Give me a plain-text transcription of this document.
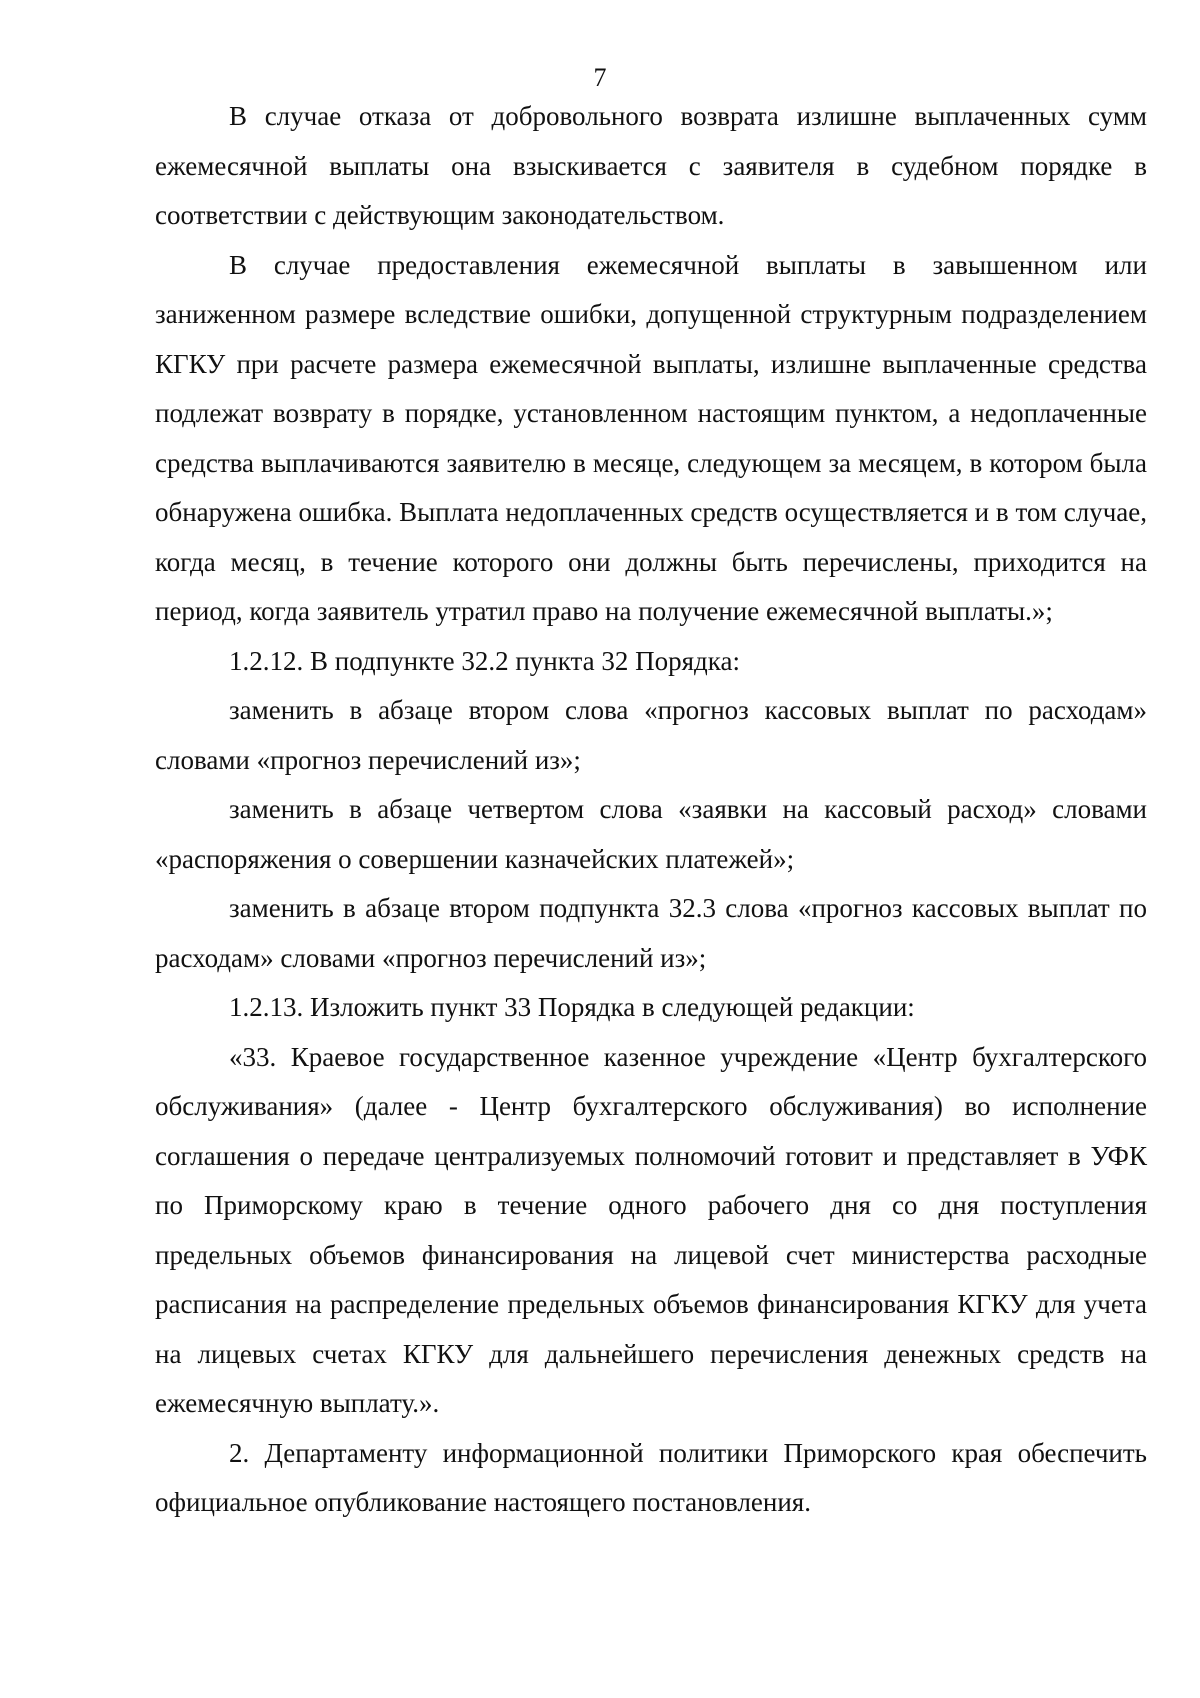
7

В случае отказа от добровольного возврата излишне выплаченных сумм ежемесячной выплаты она взыскивается с заявителя в судебном порядке в соответствии с действующим законодательством.

В случае предоставления ежемесячной выплаты в завышенном или заниженном размере вследствие ошибки, допущенной структурным подразделением КГКУ при расчете размера ежемесячной выплаты, излишне выплаченные средства подлежат возврату в порядке, установленном настоящим пунктом, а недоплаченные средства выплачиваются заявителю в месяце, следующем за месяцем, в котором была обнаружена ошибка. Выплата недоплаченных средств осуществляется и в том случае, когда месяц, в течение которого они должны быть перечислены, приходится на период, когда заявитель утратил право на получение ежемесячной выплаты.»;

1.2.12. В подпункте 32.2 пункта 32 Порядка:

заменить в абзаце втором слова «прогноз кассовых выплат по расходам» словами «прогноз перечислений из»;

заменить в абзаце четвертом слова «заявки на кассовый расход» словами «распоряжения о совершении казначейских платежей»;

заменить в абзаце втором подпункта 32.3 слова «прогноз кассовых выплат по расходам» словами «прогноз перечислений из»;

1.2.13. Изложить пункт 33 Порядка в следующей редакции:

«33. Краевое государственное казенное учреждение «Центр бухгалтерского обслуживания» (далее - Центр бухгалтерского обслуживания) во исполнение соглашения о передаче централизуемых полномочий готовит и представляет в УФК по Приморскому краю в течение одного рабочего дня со дня поступления предельных объемов финансирования на лицевой счет министерства расходные расписания на распределение предельных объемов финансирования КГКУ для учета на лицевых счетах КГКУ для дальнейшего перечисления денежных средств на ежемесячную выплату.».

2. Департаменту информационной политики Приморского края обеспечить официальное опубликование настоящего постановления.
